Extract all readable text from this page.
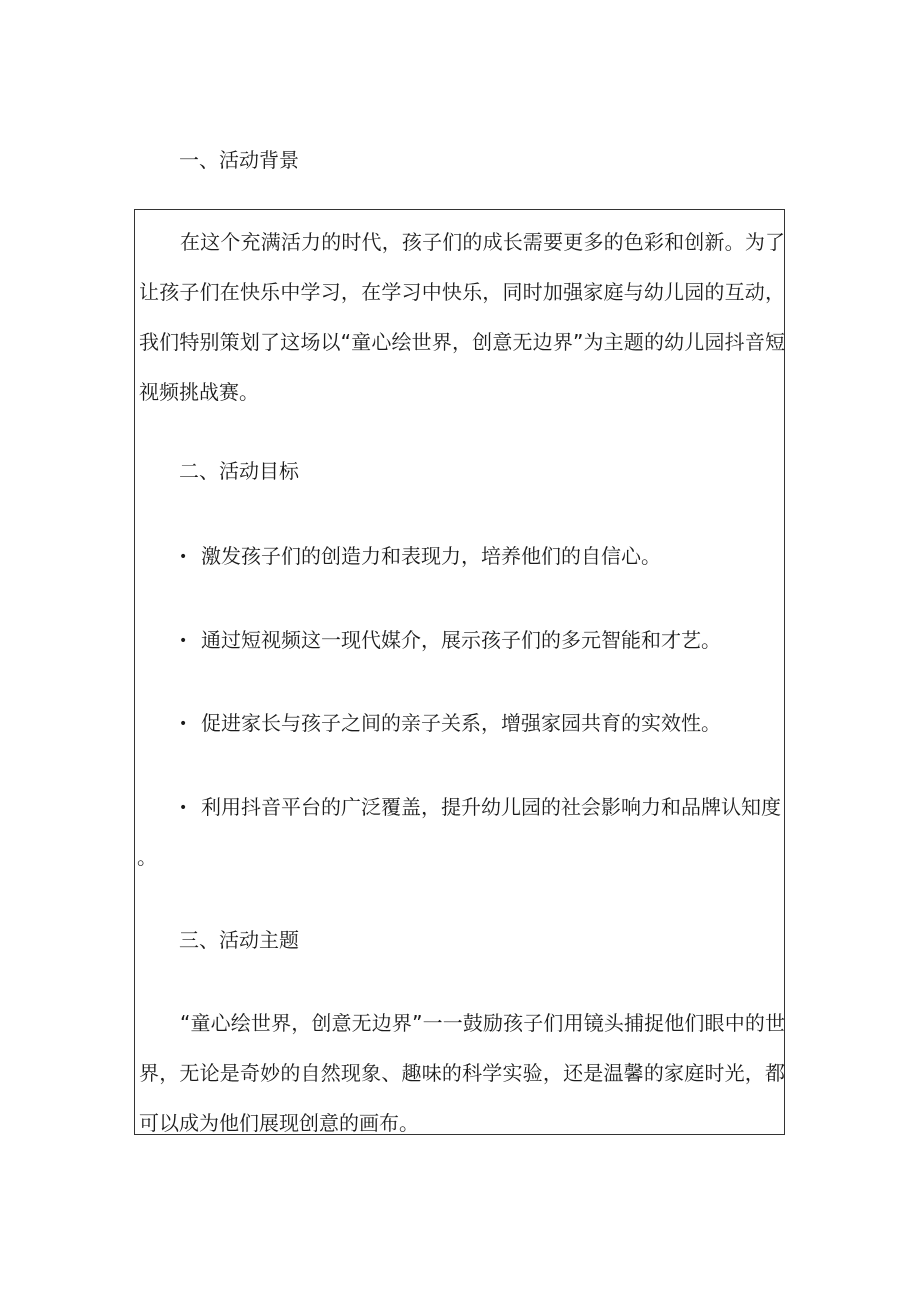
一、活动背景

在这个充满活力的时代，孩子们的成长需要更多的色彩和创新。为了让孩子们在快乐中学习，在学习中快乐，同时加强家庭与幼儿园的互动，我们特别策划了这场以“童心绘世界，创意无边界”为主题的幼儿园抖音短视频挑战赛。

二、活动目标
• 激发孩子们的创造力和表现力，培养他们的自信心。
• 通过短视频这一现代媒介，展示孩子们的多元智能和才艺。
• 促进家长与孩子之间的亲子关系，增强家园共育的实效性。
• 利用抖音平台的广泛覆盖，提升幼儿园的社会影响力和品牌认知度
。
三、活动主题

“童心绘世界，创意无边界”一一鼓励孩子们用镜头捕捉他们眼中的世界，无论是奇妙的自然现象、趣味的科学实验，还是温馨的家庭时光，都可以成为他们展现创意的画布。
